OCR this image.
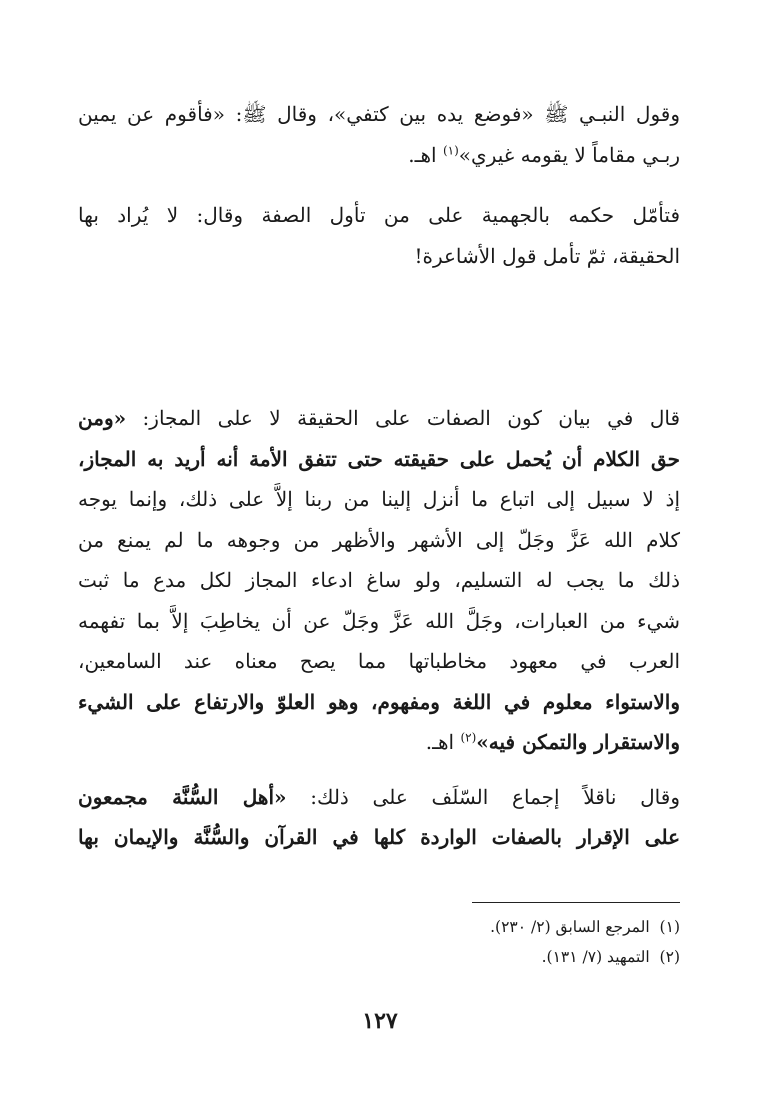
وقول النبـي ﷺ «فوضع يده بين كتفي»، وقال ﷺ: «فأقوم عن يمين
ربـي مقاماً لا يقومه غيري»$^{(١)}$ اهـ.
فتأمّل حكمه بالجهمية على من تأول الصفة وقال: لا يُراد بها
الحقيقة، ثمّ تأمل قول الأشاعرة!
قال في بيان كون الصفات على الحقيقة لا على المجاز: «ومن
حق الكلام أن يُحمل على حقيقته حتى تتفق الأمة أنه أريد به المجاز،
إذ لا سبيل إلى اتباع ما أنزل إلينا من ربنا إلاَّ على ذلك، وإنما يوجه
كلام الله عَزَّ وجَلّ إلى الأشهر والأظهر من وجوهه ما لم يمنع من
ذلك ما يجب له التسليم، ولو ساغ ادعاء المجاز لكل مدع ما ثبت
شيء من العبارات، وجَلَّ الله عَزَّ وجَلّ عن أن يخاطِبَ إلاَّ بما تفهمه
العرب في معهود مخاطباتها مما يصح معناه عند السامعين،
والاستواء معلوم في اللغة ومفهوم، وهو العلوّ والارتفاع على الشيء
والاستقرار والتمكن فيه»$^{(٢)}$ اهـ.
وقال ناقلاً إجماع السّلَف على ذلك: «أهل السُّنَّة مجمعون
على الإقرار بالصفات الواردة كلها في القرآن والسُّنَّة والإيمان بها
(١)  المرجع السابق (٢/ ٢٣٠).
(٢)  التمهيد (٧/ ١٣١).
١٢٧
